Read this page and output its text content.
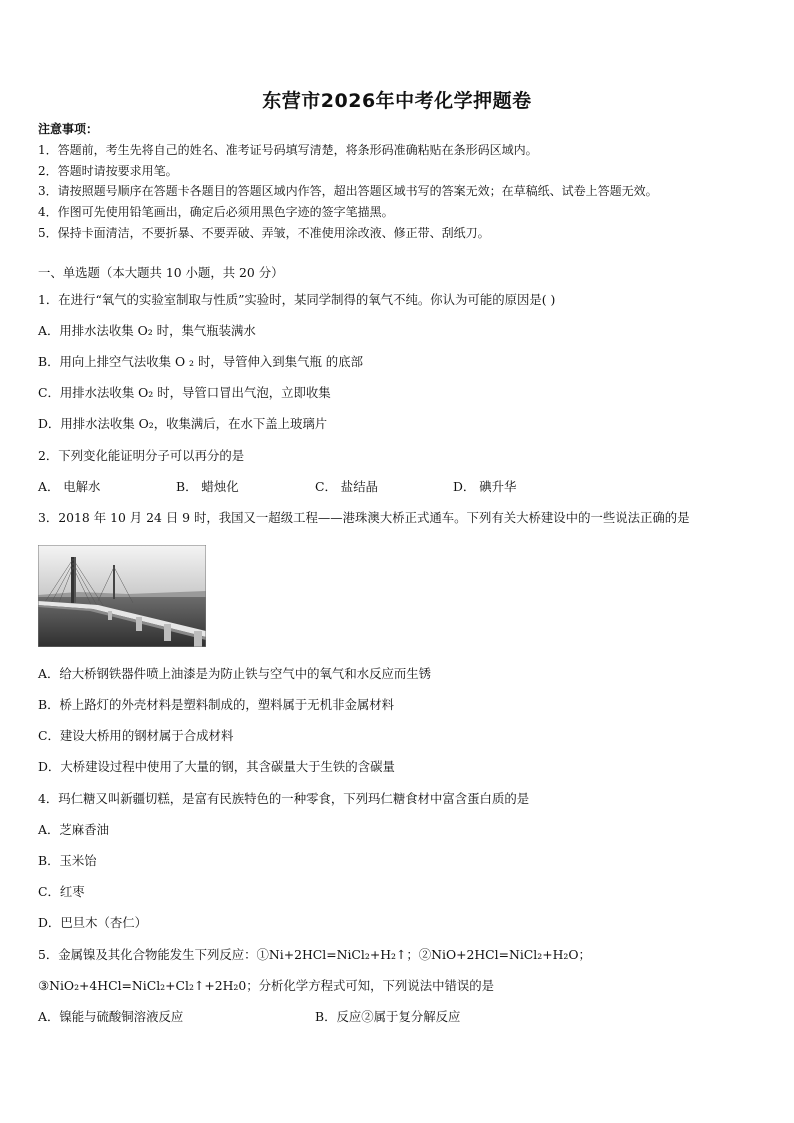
东营市2026年中考化学押题卷
注意事项：
1．答题前，考生先将自己的姓名、准考证号码填写清楚，将条形码准确粘贴在条形码区域内。
2．答题时请按要求用笔。
3．请按照题号顺序在答题卡各题目的答题区域内作答，超出答题区域书写的答案无效；在草稿纸、试卷上答题无效。
4．作图可先使用铅笔画出，确定后必须用黑色字迹的签字笔描黑。
5．保持卡面清洁，不要折暴、不要弄破、弄皱，不准使用涂改液、修正带、刮纸刀。
一、单选题（本大题共 10 小题，共 20 分）
1．在进行“氧气的实验室制取与性质”实验时，某同学制得的氧气不纯。你认为可能的原因是( )
A．用排水法收集 O₂ 时，集气瓶装满水
B．用向上排空气法收集 O ₂ 时，导管伸入到集气瓶 的底部
C．用排水法收集 O₂ 时，导管口冒出气泡，立即收集
D．用排水法收集 O₂，收集满后，在水下盖上玻璃片
2．下列变化能证明分子可以再分的是
A． 电解水	B． 蜡烛化	C． 盐结晶	D． 碘升华
3．2018 年 10 月 24 日 9 时，我国又一超级工程——港珠澳大桥正式通车。下列有关大桥建设中的一些说法正确的是
A．给大桥钢铁器件喷上油漆是为防止铁与空气中的氧气和水反应而生锈
B．桥上路灯的外壳材料是塑料制成的，塑料属于无机非金属材料
C．建设大桥用的钢材属于合成材料
D．大桥建设过程中使用了大量的钢，其含碳量大于生铁的含碳量
4．玛仁糖又叫新疆切糕，是富有民族特色的一种零食，下列玛仁糖食材中富含蛋白质的是
A．芝麻香油
B．玉米饴
C．红枣
D．巴旦木（杏仁）
5．金属镍及其化合物能发生下列反应：①Ni+2HCl=NiCl₂+H₂↑；②NiO+2HCl=NiCl₂+H₂O；
③NiO₂+4HCl=NiCl₂+Cl₂↑+2H₂0；分析化学方程式可知，下列说法中错误的是
A．镍能与硫酸铜溶液反应	B．反应②属于复分解反应
